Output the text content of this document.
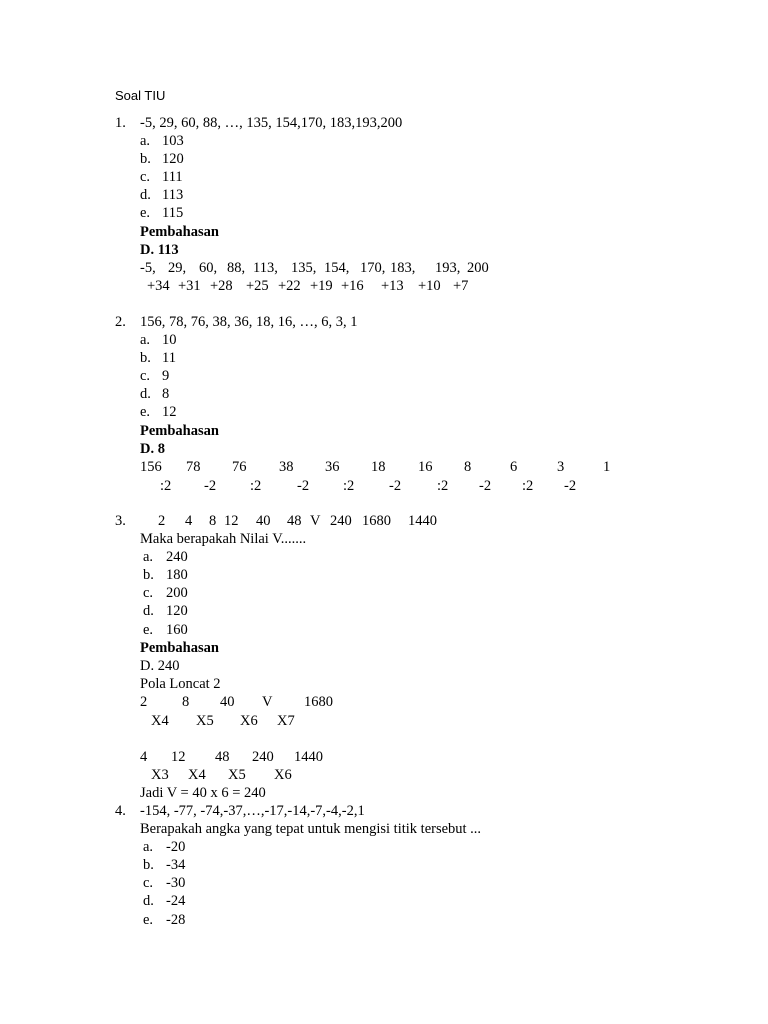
Soal TIU
1. -5, 29, 60, 88, …, 135, 154,170, 183,193,200
a. 103
b. 120
c. 111
d. 113
e. 115
Pembahasan
D. 113
-5, 29, 60, 88, 113, 135, 154, 170, 183, 193, 200
+34 +31 +28 +25 +22 +19 +16 +13 +10 +7
2. 156, 78, 76, 38, 36, 18, 16, …, 6, 3, 1
a. 10
b. 11
c. 9
d. 8
e. 12
Pembahasan
D. 8
156 78 76 38 36 18 16 8	6	3	1
:2 -2 :2 -2 :2 -2 :2 -2 :2 -2
3. 2 4 8 12 40 48 V 240 1680 1440
Maka berapakah Nilai V.......
a. 240
b. 180
c. 200
d. 120
e. 160
Pembahasan
D. 240
Pola Loncat 2
2 8 40 V 1680
X4 X5 X6 X7
4 12 48 240 1440
X3 X4 X5 X6
Jadi V = 40 x 6 = 240
4. -154, -77, -74,-37,…,-17,-14,-7,-4,-2,1
Berapakah angka yang tepat untuk mengisi titik tersebut ...
a. -20
b. -34
c. -30
d. -24
e. -28
